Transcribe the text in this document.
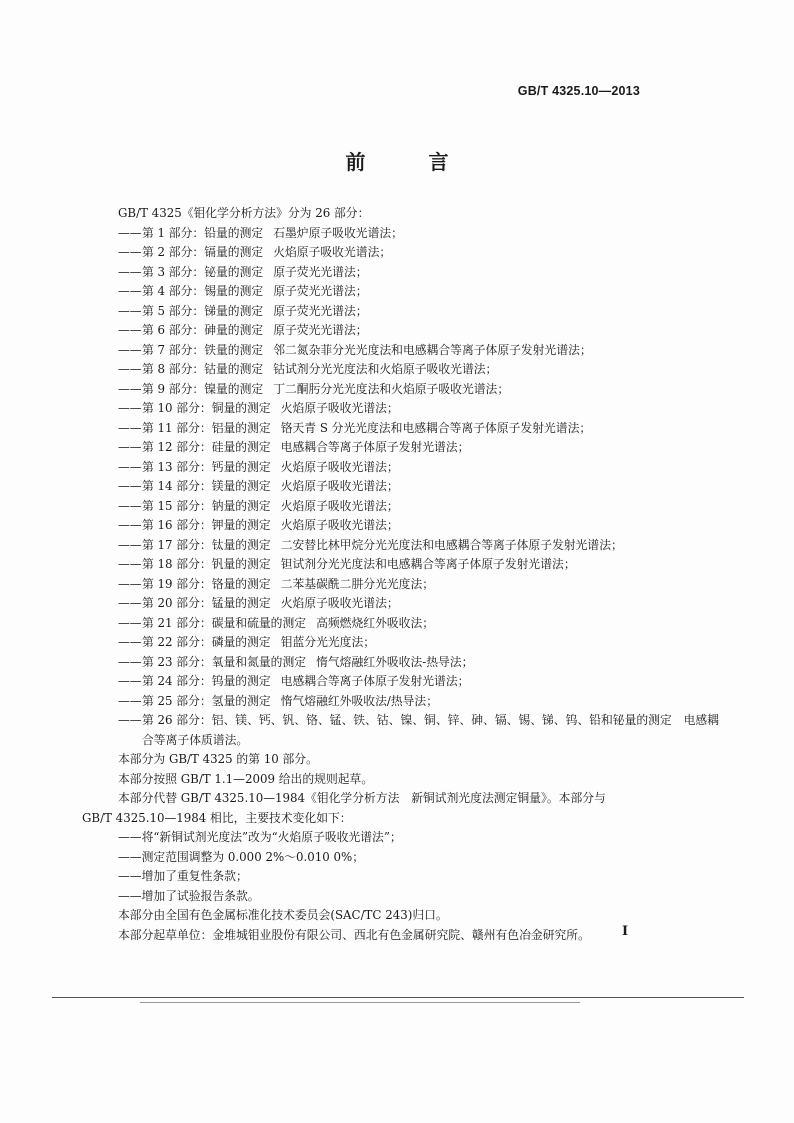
GB/T 4325.10—2013
前 言
GB/T 4325《钼化学分析方法》分为 26 部分：
——第 1 部分：铅量的测定 石墨炉原子吸收光谱法；
——第 2 部分：镉量的测定 火焰原子吸收光谱法；
——第 3 部分：铋量的测定 原子荧光光谱法；
——第 4 部分：锡量的测定 原子荧光光谱法；
——第 5 部分：锑量的测定 原子荧光光谱法；
——第 6 部分：砷量的测定 原子荧光光谱法；
——第 7 部分：铁量的测定 邻二氮杂菲分光光度法和电感耦合等离子体原子发射光谱法；
——第 8 部分：钴量的测定 钴试剂分光光度法和火焰原子吸收光谱法；
——第 9 部分：镍量的测定 丁二酮肟分光光度法和火焰原子吸收光谱法；
——第 10 部分：铜量的测定 火焰原子吸收光谱法；
——第 11 部分：铝量的测定 铬天青 S 分光光度法和电感耦合等离子体原子发射光谱法；
——第 12 部分：硅量的测定 电感耦合等离子体原子发射光谱法；
——第 13 部分：钙量的测定 火焰原子吸收光谱法；
——第 14 部分：镁量的测定 火焰原子吸收光谱法；
——第 15 部分：钠量的测定 火焰原子吸收光谱法；
——第 16 部分：钾量的测定 火焰原子吸收光谱法；
——第 17 部分：钛量的测定 二安替比林甲烷分光光度法和电感耦合等离子体原子发射光谱法；
——第 18 部分：钒量的测定 钽试剂分光光度法和电感耦合等离子体原子发射光谱法；
——第 19 部分：铬量的测定 二苯基碳酰二肼分光光度法；
——第 20 部分：锰量的测定 火焰原子吸收光谱法；
——第 21 部分：碳量和硫量的测定 高频燃烧红外吸收法；
——第 22 部分：磷量的测定 钼蓝分光光度法；
——第 23 部分：氧量和氮量的测定 惰气熔融红外吸收法-热导法；
——第 24 部分：钨量的测定 电感耦合等离子体原子发射光谱法；
——第 25 部分：氢量的测定 惰气熔融红外吸收法/热导法；
——第 26 部分：铝、镁、钙、钒、铬、锰、铁、钴、镍、铜、锌、砷、镉、锡、锑、钨、铅和铋量的测定　电感耦
合等离子体质谱法。
本部分为 GB/T 4325 的第 10 部分。
本部分按照 GB/T 1.1—2009 给出的规则起草。
本部分代替 GB/T 4325.10—1984《钼化学分析方法　新铜试剂光度法测定铜量》。本部分与
GB/T 4325.10—1984 相比，主要技术变化如下：
——将“新铜试剂光度法”改为“火焰原子吸收光谱法”；
——测定范围调整为 0.000 2%～0.010 0%；
——增加了重复性条款；
——增加了试验报告条款。
本部分由全国有色金属标准化技术委员会(SAC/TC 243)归口。
本部分起草单位：金堆城钼业股份有限公司、西北有色金属研究院、赣州有色冶金研究所。	I
